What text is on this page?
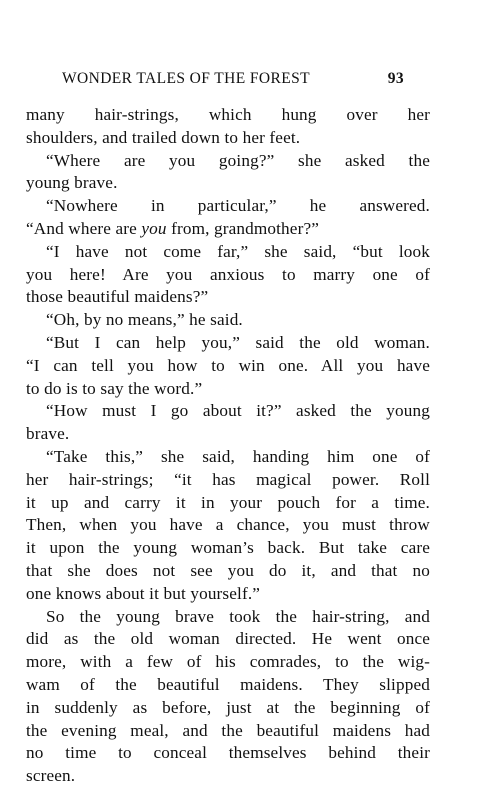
WONDER TALES OF THE FOREST	93
many hair-strings, which hung over her
shoulders, and trailed down to her feet.
“Where are you going?” she asked the
young brave.
“Nowhere in particular,” he answered.
“And where are you from, grandmother?”
“I have not come far,” she said, “but look
you here! Are you anxious to marry one of
those beautiful maidens?”
“Oh, by no means,” he said.
“But I can help you,” said the old woman.
“I can tell you how to win one. All you have
to do is to say the word.”
“How must I go about it?” asked the young
brave.
“Take this,” she said, handing him one of
her hair-strings; “it has magical power. Roll
it up and carry it in your pouch for a time.
Then, when you have a chance, you must throw
it upon the young woman’s back. But take care
that she does not see you do it, and that no
one knows about it but yourself.”
So the young brave took the hair-string, and
did as the old woman directed. He went once
more, with a few of his comrades, to the wig-
wam of the beautiful maidens. They slipped
in suddenly as before, just at the beginning of
the evening meal, and the beautiful maidens had
no time to conceal themselves behind their
screen.
